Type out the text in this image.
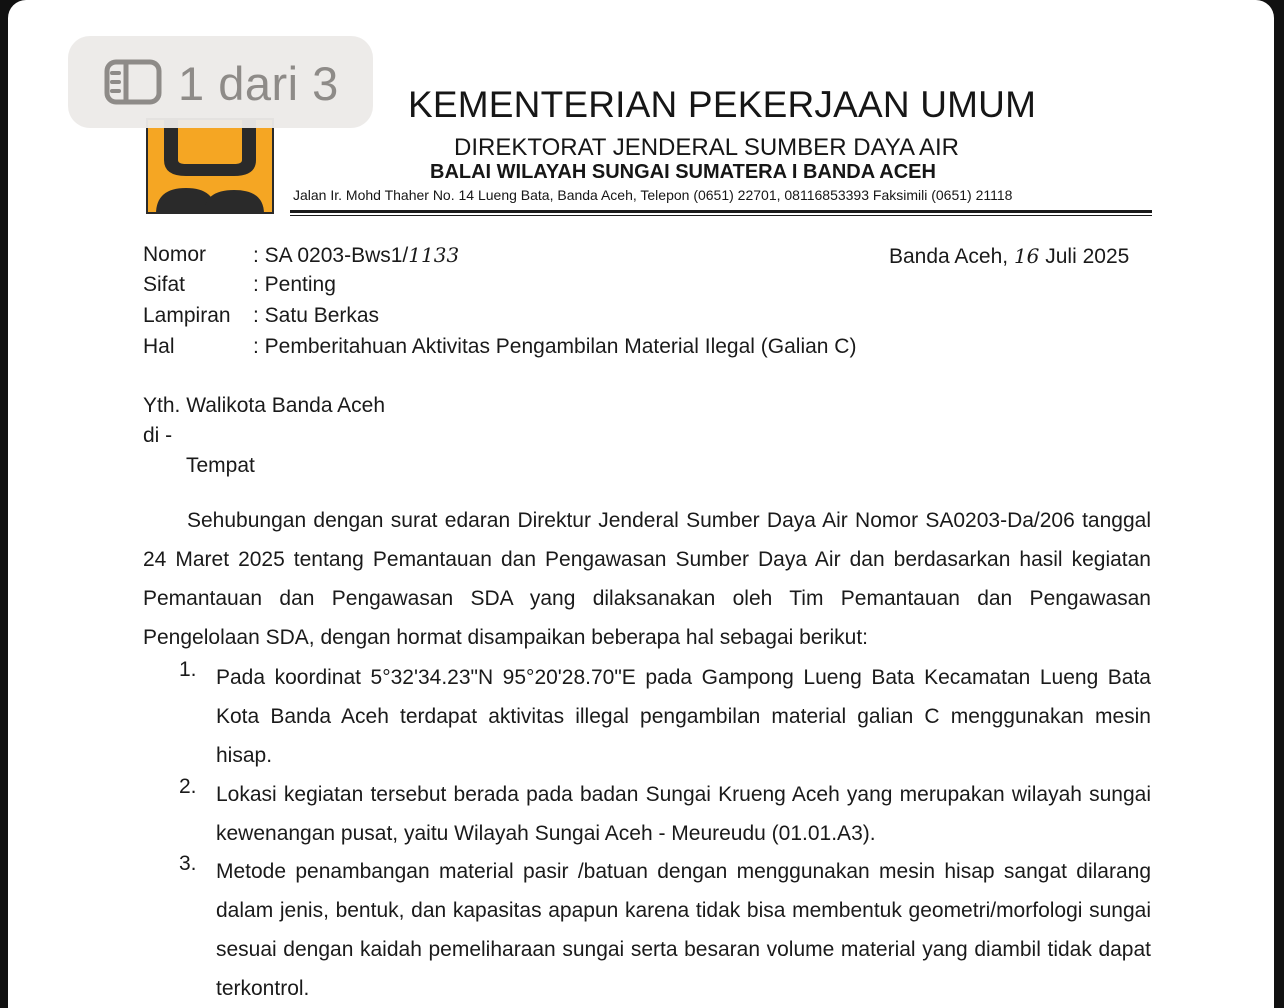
1 dari 3 KEMENTERIAN PEKERJAAN UMUM
DIREKTORAT JENDERAL SUMBER DAYA AIR
BALAI WILAYAH SUNGAI SUMATERA I BANDA ACEH
Jalan Ir. Mohd Thaher No. 14 Lueng Bata, Banda Aceh, Telepon (0651) 22701, 08116853393 Faksimili (0651) 21118
Nomor : SA 0203-Bws1/1133	Banda Aceh, 16 Juli 2025
Sifat	: Penting
Lampiran : Satu Berkas
Hal	: Pemberitahuan Aktivitas Pengambilan Material Ilegal (Galian C)
Yth. Walikota Banda Aceh
di -
Tempat
Sehubungan dengan surat edaran Direktur Jenderal Sumber Daya Air Nomor SA0203-Da/206 tanggal 24 Maret 2025 tentang Pemantauan dan Pengawasan Sumber Daya Air dan berdasarkan hasil kegiatan Pemantauan dan Pengawasan SDA yang dilaksanakan oleh Tim Pemantauan dan Pengawasan Pengelolaan SDA, dengan hormat disampaikan beberapa hal sebagai berikut:
1. Pada koordinat 5°32'34.23"N 95°20'28.70"E pada Gampong Lueng Bata Kecamatan Lueng Bata Kota Banda Aceh terdapat aktivitas illegal pengambilan material galian C menggunakan mesin hisap.
2. Lokasi kegiatan tersebut berada pada badan Sungai Krueng Aceh yang merupakan wilayah sungai kewenangan pusat, yaitu Wilayah Sungai Aceh - Meureudu (01.01.A3).
3. Metode penambangan material pasir /batuan dengan menggunakan mesin hisap sangat dilarang dalam jenis, bentuk, dan kapasitas apapun karena tidak bisa membentuk geometri/morfologi sungai sesuai dengan kaidah pemeliharaan sungai serta besaran volume material yang diambil tidak dapat terkontrol.
